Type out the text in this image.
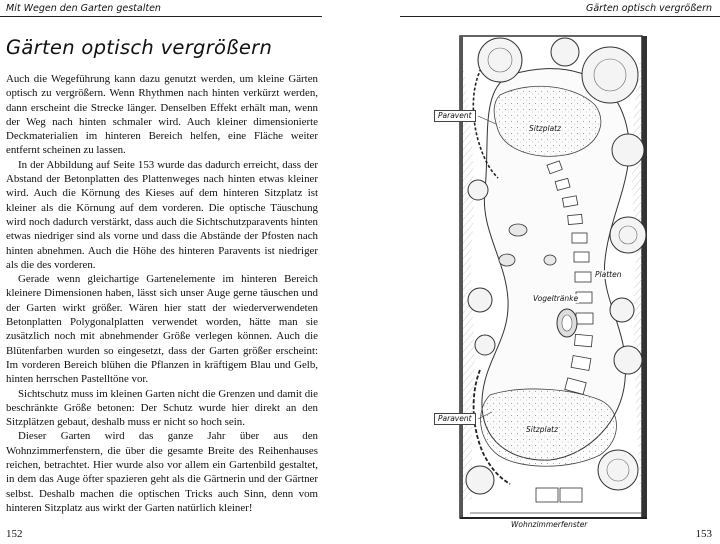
Mit Wegen den Garten gestalten
Gärten optisch vergrößern

Auch die Wegeführung kann dazu genutzt werden, um kleine Gärten optisch zu vergrößern. Wenn Rhythmen nach hinten verkürzt werden, dann erscheint die Strecke länger. Denselben Effekt erhält man, wenn der Weg nach hinten schmaler wird. Auch kleiner dimensionierte Deckmaterialien im hinteren Bereich helfen, eine Fläche weiter entfernt scheinen zu lassen.

In der Abbildung auf Seite 153 wurde das dadurch erreicht, dass der Abstand der Betonplatten des Plattenweges nach hinten etwas kleiner wird. Auch die Körnung des Kieses auf dem hinteren Sitzplatz ist kleiner als die Körnung auf dem vorderen. Die optische Täuschung wird noch dadurch verstärkt, dass auch die Sichtschutzparavents hinten etwas niedriger sind als vorne und dass die Abstände der Pfosten nach hinten abnehmen. Auch die Höhe des hinteren Paravents ist niedriger als die des vorderen.

Gerade wenn gleichartige Gartenelemente im hinteren Bereich kleinere Dimensionen haben, lässt sich unser Auge gerne täuschen und der Garten wirkt größer. Wären hier statt der wiederverwendeten Betonplatten Polygonalplatten verwendet worden, hätte man sie zusätzlich noch mit abnehmender Größe verlegen können. Auch die Blütenfarben wurden so eingesetzt, dass der Garten größer erscheint: Im vorderen Bereich blühen die Pflanzen in kräftigem Blau und Gelb, hinten herrschen Pastelltöne vor.

Sichtschutz muss im kleinen Garten nicht die Grenzen und damit die beschränkte Größe betonen: Der Schutz wurde hier direkt an den Sitzplätzen gebaut, deshalb muss er nicht so hoch sein.

Dieser Garten wird das ganze Jahr über aus den Wohnzimmerfenstern, die über die gesamte Breite des Reihenhauses reichen, betrachtet. Hier wurde also vor allem ein Gartenbild gestaltet, in dem das Auge öfter spazieren geht als die Gärtnerin und der Gärtner selbst. Deshalb machen die optischen Tricks auch Sinn, denn vom hinteren Sitzplatz aus wirkt der Garten natürlich kleiner!

152
Gärten optisch vergrößern
Paravent
Paravent
Sitzplatz
Platten
Vogeltränke
Sitzplatz
Wohnzimmerfenster
153
